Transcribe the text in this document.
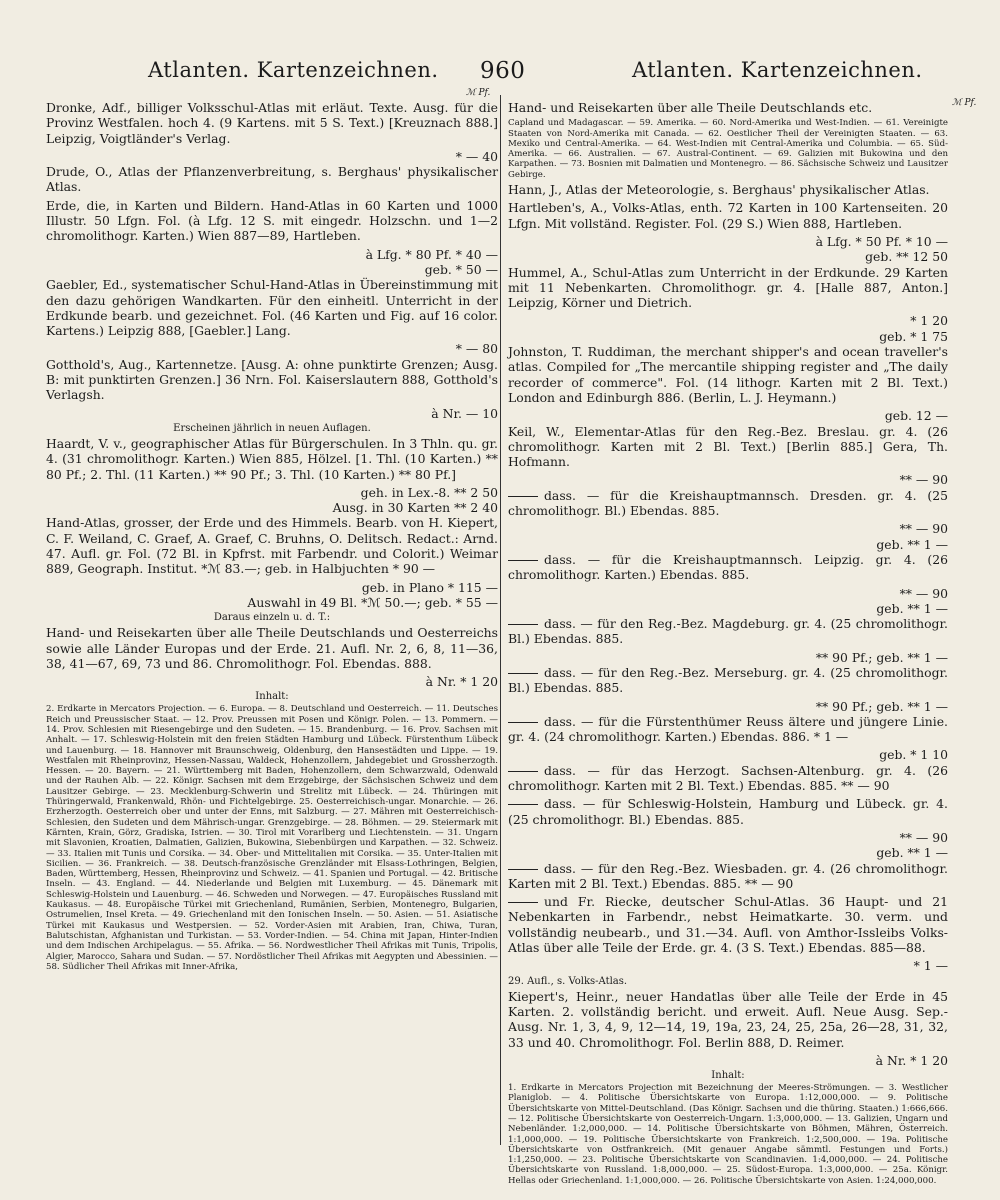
Atlanten. Kartenzeichnen. 960	Atlanten. Kartenzeichnen.
ℳ Pf.
ℳ Pf.
Dronke, Adf., billiger Volksschul-Atlas mit erläut. Texte. Ausg. für die Provinz Westfalen. hoch 4. (9 Kartens. mit 5 S. Text.) [Kreuznach 888.] Leipzig, Voigtländer's Verlag.
* — 40
Drude, O., Atlas der Pflanzenverbreitung, s. Berghaus' physikalischer Atlas.
Erde, die, in Karten und Bildern. Hand-Atlas in 60 Karten und 1000 Illustr. 50 Lfgn. Fol. (à Lfg. 12 S. mit eingedr. Holzschn. und 1—2 chromolithogr. Karten.) Wien 887—89, Hartleben.
à Lfg. * 80 Pf. * 40 —
geb. * 50 —
Gaebler, Ed., systematischer Schul-Hand-Atlas in Übereinstimmung mit den dazu gehörigen Wandkarten. Für den einheitl. Unterricht in der Erdkunde bearb. und gezeichnet. Fol. (46 Karten und Fig. auf 16 color. Kartens.) Leipzig 888, [Gaebler.] Lang.
* — 80
Gotthold's, Aug., Kartennetze. [Ausg. A: ohne punktirte Grenzen; Ausg. B: mit punktirten Grenzen.] 36 Nrn. Fol. Kaiserslautern 888, Gotthold's Verlagsh.
à Nr. — 10
Erscheinen jährlich in neuen Auflagen.
Haardt, V. v., geographischer Atlas für Bürgerschulen. In 3 Thln. qu. gr. 4. (31 chromolithogr. Karten.) Wien 885, Hölzel. [1. Thl. (10 Karten.) ** 80 Pf.; 2. Thl. (11 Karten.) ** 90 Pf.; 3. Thl. (10 Karten.) ** 80 Pf.]
geh. in Lex.-8. ** 2 50
Ausg. in 30 Karten ** 2 40
Hand-Atlas, grosser, der Erde und des Himmels. Bearb. von H. Kiepert, C. F. Weiland, C. Graef, A. Graef, C. Bruhns, O. Delitsch. Redact.: Arnd. 47. Aufl. gr. Fol. (72 Bl. in Kpfrst. mit Farbendr. und Colorit.) Weimar 889, Geograph. Institut. *ℳ 83.—; geb. in Halbjuchten * 90 —
geb. in Plano * 115 —
Auswahl in 49 Bl. *ℳ 50.—; geb. * 55 —
Daraus einzeln u. d. T.:
Hand- und Reisekarten über alle Theile Deutschlands und Oesterreichs sowie alle Länder Europas und der Erde. 21. Aufl. Nr. 2, 6, 8, 11—36, 38, 41—67, 69, 73 und 86. Chromolithogr. Fol. Ebendas. 888.
à Nr. * 1 20
Inhalt:
2. Erdkarte in Mercators Projection. — 6. Europa. — 8. Deutschland und Oesterreich. — 11. Deutsches Reich und Preussischer Staat. — 12. Prov. Preussen mit Posen und Königr. Polen. — 13. Pommern. — 14. Prov. Schlesien mit Riesengebirge und den Sudeten. — 15. Brandenburg. — 16. Prov. Sachsen mit Anhalt. — 17. Schleswig-Holstein mit den freien Städten Hamburg und Lübeck. Fürstenthum Lübeck und Lauenburg. — 18. Hannover mit Braunschweig, Oldenburg, den Hansestädten und Lippe. — 19. Westfalen mit Rheinprovinz, Hessen-Nassau, Waldeck, Hohenzollern, Jahdegebiet und Grossherzogth. Hessen. — 20. Bayern. — 21. Württemberg mit Baden, Hohenzollern, dem Schwarzwald, Odenwald und der Rauhen Alb. — 22. Königr. Sachsen mit dem Erzgebirge, der Sächsischen Schweiz und dem Lausitzer Gebirge. — 23. Mecklenburg-Schwerin und Strelitz mit Lübeck. — 24. Thüringen mit Thüringerwald, Frankenwald, Rhön- und Fichtelgebirge. 25. Oesterreichisch-ungar. Monarchie. — 26. Erzherzogth. Oesterreich ober und unter der Enns, mit Salzburg. — 27. Mähren mit Oesterreichisch-Schlesien, den Sudeten und dem Mährisch-ungar. Grenzgebirge. — 28. Böhmen. — 29. Steiermark mit Kärnten, Krain, Görz, Gradiska, Istrien. — 30. Tirol mit Vorarlberg und Liechtenstein. — 31. Ungarn mit Slavonien, Kroatien, Dalmatien, Galizien, Bukowina, Siebenbürgen und Karpathen. — 32. Schweiz. — 33. Italien mit Tunis und Corsika. — 34. Ober- und Mittelitalien mit Corsika. — 35. Unter-Italien mit Sicilien. — 36. Frankreich. — 38. Deutsch-französische Grenzländer mit Elsass-Lothringen, Belgien, Baden, Württemberg, Hessen, Rheinprovinz und Schweiz. — 41. Spanien und Portugal. — 42. Britische Inseln. — 43. England. — 44. Niederlande und Belgien mit Luxemburg. — 45. Dänemark mit Schleswig-Holstein und Lauenburg. — 46. Schweden und Norwegen. — 47. Europäisches Russland mit Kaukasus. — 48. Europäische Türkei mit Griechenland, Rumänien, Serbien, Montenegro, Bulgarien, Ostrumelien, Insel Kreta. — 49. Griechenland mit den Ionischen Inseln. — 50. Asien. — 51. Asiatische Türkei mit Kaukasus und Westpersien. — 52. Vorder-Asien mit Arabien, Iran, Chiwa, Turan, Balutschistan, Afghanistan und Turkistan. — 53. Vorder-Indien. — 54. China mit Japan, Hinter-Indien und dem Indischen Archipelagus. — 55. Afrika. — 56. Nordwestlicher Theil Afrikas mit Tunis, Tripolis, Algier, Marocco, Sahara und Sudan. — 57. Nordöstlicher Theil Afrikas mit Aegypten und Abessinien. — 58. Südlicher Theil Afrikas mit Inner-Afrika,
Hand- und Reisekarten über alle Theile Deutschlands etc.
Capland und Madagascar. — 59. Amerika. — 60. Nord-Amerika und West-Indien. — 61. Vereinigte Staaten von Nord-Amerika mit Canada. — 62. Oestlicher Theil der Vereinigten Staaten. — 63. Mexiko und Central-Amerika. — 64. West-Indien mit Central-Amerika und Columbia. — 65. Süd-Amerika. — 66. Australien. — 67. Austral-Continent. — 69. Galizien mit Bukowina und den Karpathen. — 73. Bosnien mit Dalmatien und Montenegro. — 86. Sächsische Schweiz und Lausitzer Gebirge.
Hann, J., Atlas der Meteorologie, s. Berghaus' physikalischer Atlas.
Hartleben's, A., Volks-Atlas, enth. 72 Karten in 100 Kartenseiten. 20 Lfgn. Mit vollständ. Register. Fol. (29 S.) Wien 888, Hartleben.
à Lfg. * 50 Pf. * 10 —
geb. ** 12 50
Hummel, A., Schul-Atlas zum Unterricht in der Erdkunde. 29 Karten mit 11 Nebenkarten. Chromolithogr. gr. 4. [Halle 887, Anton.] Leipzig, Körner und Dietrich.
* 1 20
geb. * 1 75
Johnston, T. Ruddiman, the merchant shipper's and ocean traveller's atlas. Compiled for „The mercantile shipping register and „The daily recorder of commerce". Fol. (14 lithogr. Karten mit 2 Bl. Text.) London and Edinburgh 886. (Berlin, L. J. Heymann.)
geb. 12 —
Keil, W., Elementar-Atlas für den Reg.-Bez. Breslau. gr. 4. (26 chromolithogr. Karten mit 2 Bl. Text.) [Berlin 885.] Gera, Th. Hofmann.
** — 90
dass. — für die Kreishauptmannsch. Dresden. gr. 4. (25 chromolithogr. Bl.) Ebendas. 885.
** — 90
geb. ** 1 —
dass. — für die Kreishauptmannsch. Leipzig. gr. 4. (26 chromolithogr. Karten.) Ebendas. 885.
** — 90
geb. ** 1 —
dass. — für den Reg.-Bez. Magdeburg. gr. 4. (25 chromolithogr. Bl.) Ebendas. 885.
** 90 Pf.; geb. ** 1 —
dass. — für den Reg.-Bez. Merseburg. gr. 4. (25 chromolithogr. Bl.) Ebendas. 885.
** 90 Pf.; geb. ** 1 —
dass. — für die Fürstenthümer Reuss ältere und jüngere Linie. gr. 4. (24 chromolithogr. Karten.) Ebendas. 886. * 1 —
geb. * 1 10
dass. — für das Herzogt. Sachsen-Altenburg. gr. 4. (26 chromolithogr. Karten mit 2 Bl. Text.) Ebendas. 885. ** — 90
dass. — für Schleswig-Holstein, Hamburg und Lübeck. gr. 4. (25 chromolithogr. Bl.) Ebendas. 885.
** — 90
geb. ** 1 —
dass. — für den Reg.-Bez. Wiesbaden. gr. 4. (26 chromolithogr. Karten mit 2 Bl. Text.) Ebendas. 885. ** — 90
und Fr. Riecke, deutscher Schul-Atlas. 36 Haupt- und 21 Nebenkarten in Farbendr., nebst Heimatkarte. 30. verm. und vollständig neubearb., und 31.—34. Aufl. von Amthor-Issleibs Volks-Atlas über alle Teile der Erde. gr. 4. (3 S. Text.) Ebendas. 885—88.
* 1 —
29. Aufl., s. Volks-Atlas.
Kiepert's, Heinr., neuer Handatlas über alle Teile der Erde in 45 Karten. 2. vollständig bericht. und erweit. Aufl. Neue Ausg. Sep.-Ausg. Nr. 1, 3, 4, 9, 12—14, 19, 19a, 23, 24, 25, 25a, 26—28, 31, 32, 33 und 40. Chromolithogr. Fol. Berlin 888, D. Reimer.
à Nr. * 1 20
Inhalt:
1. Erdkarte in Mercators Projection mit Bezeichnung der Meeres-Strömungen. — 3. Westlicher Planiglob. — 4. Politische Übersichtskarte von Europa. 1:12,000,000. — 9. Politische Übersichtskarte von Mittel-Deutschland. (Das Königr. Sachsen und die thüring. Staaten.) 1:666,666. — 12. Politische Übersichtskarte von Oesterreich-Ungarn. 1:3,000,000. — 13. Galizien, Ungarn und Nebenländer. 1:2,000,000. — 14. Politische Übersichtskarte von Böhmen, Mähren, Österreich. 1:1,000,000. — 19. Politische Übersichtskarte von Frankreich. 1:2,500,000. — 19a. Politische Übersichtskarte von Ostfrankreich. (Mit genauer Angabe sämmtl. Festungen und Forts.) 1:1,250,000. — 23. Politische Übersichtskarte von Scandinavien. 1:4,000,000. — 24. Politische Übersichtskarte von Russland. 1:8,000,000. — 25. Südost-Europa. 1:3,000,000. — 25a. Königr. Hellas oder Griechenland. 1:1,000,000. — 26. Politische Übersichtskarte von Asien. 1:24,000,000.
